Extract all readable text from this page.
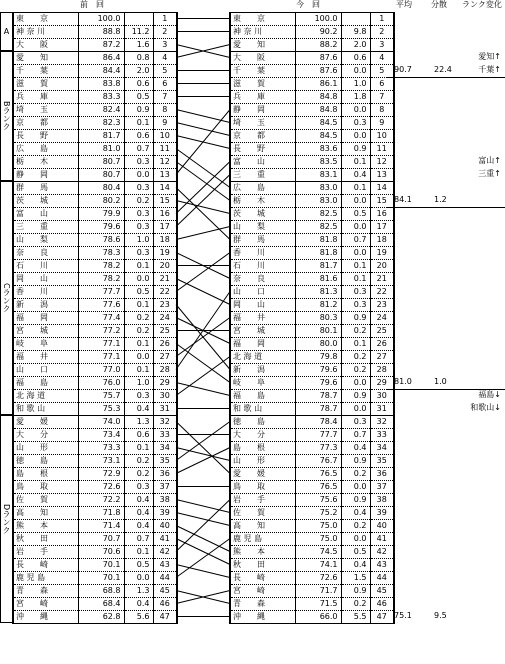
前　回	今　回	平均 分散 ランク変化
A
Bランク
Cランク
Dランク
東　　京	100.0		1
神 奈 川	88.8	11.2	2
大　　阪	87.2	1.6	3
愛　　知	86.4	0.8	4
千　　葉	84.4	2.0	5
滋　　賀	83.8	0.6	6
兵　　庫	83.3	0.5	7
埼　　玉	82.4	0.9	8
京　　都	82.3	0.1	9
長　　野	81.7	0.6	10
広　　島	81.0	0.7	11
栃　　木	80.7	0.3	12
静　　岡	80.7	0.0	13
群　　馬	80.4	0.3	14
茨　　城	80.2	0.2	15
富　　山	79.9	0.3	16
三　　重	79.6	0.3	17
山　　梨	78.6	1.0	18
奈　　良	78.3	0.3	19
石　　川	78.2	0.1	20
岡　　山	78.2	0.0	21
香　　川	77.7	0.5	22
新　　潟	77.6	0.1	23
福　　岡	77.4	0.2	24
宮　　城	77.2	0.2	25
岐　　阜	77.1	0.1	26
福　　井	77.1	0.0	27
山　　口	77.0	0.1	28
福　　島	76.0	1.0	29
北 海 道	75.7	0.3	30
和 歌 山	75.3	0.4	31
愛　　媛	74.0	1.3	32
大　　分	73.4	0.6	33
山　　形	73.3	0.1	34
徳　　島	73.1	0.2	35
島　　根	72.9	0.2	36
鳥　　取	72.6	0.3	37
佐　　賀	72.2	0.4	38
高　　知	71.8	0.4	39
熊　　本	71.4	0.4	40
秋　　田	70.7	0.7	41
岩　　手	70.6	0.1	42
長　　崎	70.1	0.5	43
鹿 児 島	70.1	0.0	44
青　　森	68.8	1.3	45
宮　　崎	68.4	0.4	46
沖　　縄	62.8	5.6	47
東　　京	100.0		1
神 奈 川	90.2	9.8	2
愛　　知	88.2	2.0	3
大　　阪	87.6	0.6	4
千　　葉	87.6	0.0	5
滋　　賀	86.1	1.0	6
兵　　庫	84.8	1.8	7
静　　岡	84.8	0.0	8
埼　　玉	84.5	0.3	9
京　　都	84.5	0.0	10
長　　野	83.6	0.9	11
富　　山	83.5	0.1	12
三　　重	83.1	0.4	13
広　　島	83.0	0.1	14
栃　　木	83.0	0.0	15
茨　　城	82.5	0.5	16
山　　梨	82.5	0.0	17
群　　馬	81.8	0.7	18
香　　川	81.8	0.0	19
石　　川	81.7	0.1	20
奈　　良	81.6	0.1	21
山　　口	81.3	0.3	22
岡　　山	81.2	0.3	23
福　　井	80.3	0.9	24
宮　　城	80.1	0.2	25
福　　岡	80.0	0.1	26
北 海 道	79.8	0.2	27
新　　潟	79.6	0.2	28
岐　　阜	79.6	0.0	29
福　　島	78.7	0.9	30
和 歌 山	78.7	0.0	31
徳　　島	78.4	0.3	32
大　　分	77.7	0.7	33
島　　根	77.3	0.4	34
山　　形	76.7	0.9	35
愛　　媛	76.5	0.2	36
鳥　　取	76.5	0.0	37
岩　　手	75.6	0.9	38
佐　　賀	75.2	0.4	39
高　　知	75.0	0.2	40
鹿 児 島	75.0	0.0	41
熊　　本	74.5	0.5	42
秋　　田	74.1	0.4	43
長　　崎	72.6	1.5	44
宮　　崎	71.7	0.9	45
青　　森	71.5	0.2	46
沖　　縄	66.0	5.5	47
90.7	22.4
84.1	1.2
81.0	1.0
75.1	9.5
愛知↑
千葉↑
富山↑
三重↑
福島↓
和歌山↓
